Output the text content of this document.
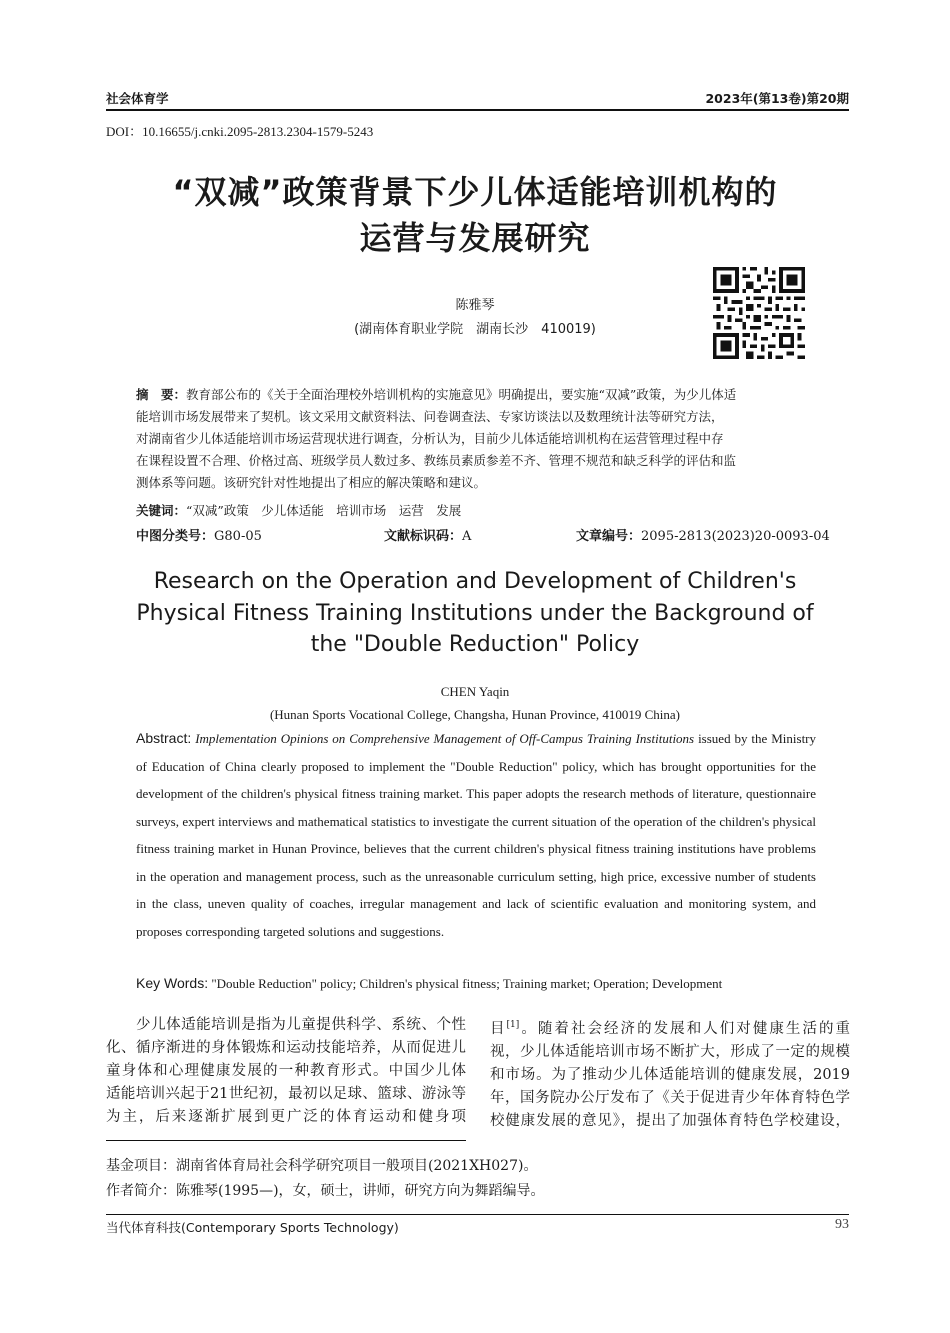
社会体育学	2023年(第13卷)第20期
DOI：10.16655/j.cnki.2095-2813.2304-1579-5243
“双减”政策背景下少儿体适能培训机构的
运营与发展研究
陈雅琴
(湖南体育职业学院　湖南长沙　410019)
摘　要：教育部公布的《关于全面治理校外培训机构的实施意见》明确提出，要实施“双减”政策，为少儿体适
能培训市场发展带来了契机。该文采用文献资料法、问卷调查法、专家访谈法以及数理统计法等研究方法，
对湖南省少儿体适能培训市场运营现状进行调查，分析认为，目前少儿体适能培训机构在运营管理过程中存
在课程设置不合理、价格过高、班级学员人数过多、教练员素质参差不齐、管理不规范和缺乏科学的评估和监
测体系等问题。该研究针对性地提出了相应的解决策略和建议。
关键词：“双减”政策　少儿体适能　培训市场　运营　发展
中图分类号：G80-05	文献标识码：A	文章编号：2095-2813(2023)20-0093-04
Research on the Operation and Development of Children's
Physical Fitness Training Institutions under the Background of
the "Double Reduction" Policy
CHEN Yaqin
(Hunan Sports Vocational College, Changsha, Hunan Province, 410019 China)
Abstract: Implementation Opinions on Comprehensive Management of Off-Campus Training Institutions issued by the Ministry of Education of China clearly proposed to implement the "Double Reduction" policy, which has brought opportunities for the development of the children's physical fitness training market. This paper adopts the research methods of literature, questionnaire surveys, expert interviews and mathematical statistics to investigate the current situation of the operation of the children's physical fitness training market in Hunan Province, believes that the current children's physical fitness training institutions have problems in the operation and management process, such as the unreasonable curriculum setting, high price, excessive number of students in the class, uneven quality of coaches, irregular management and lack of scientific evaluation and monitoring system, and proposes corresponding targeted solutions and suggestions.
Key Words: "Double Reduction" policy; Children's physical fitness; Training market; Operation; Development
　　少儿体适能培训是指为儿童提供科学、系统、个性
化、循序渐进的身体锻炼和运动技能培养，从而促进儿
童身体和心理健康发展的一种教育形式。中国少儿体
适能培训兴起于21世纪初，最初以足球、篮球、游泳等
为主，后来逐渐扩展到更广泛的体育运动和健身项
目[1]。随着社会经济的发展和人们对健康生活的重
视，少儿体适能培训市场不断扩大，形成了一定的规模
和市场。为了推动少儿体适能培训的健康发展，2019
年，国务院办公厅发布了《关于促进青少年体育特色学
校健康发展的意见》，提出了加强体育特色学校建设，
基金项目：湖南省体育局社会科学研究项目一般项目(2021XH027)。
作者简介：陈雅琴(1995—)，女，硕士，讲师，研究方向为舞蹈编导。
当代体育科技(Contemporary Sports Technology)	93
